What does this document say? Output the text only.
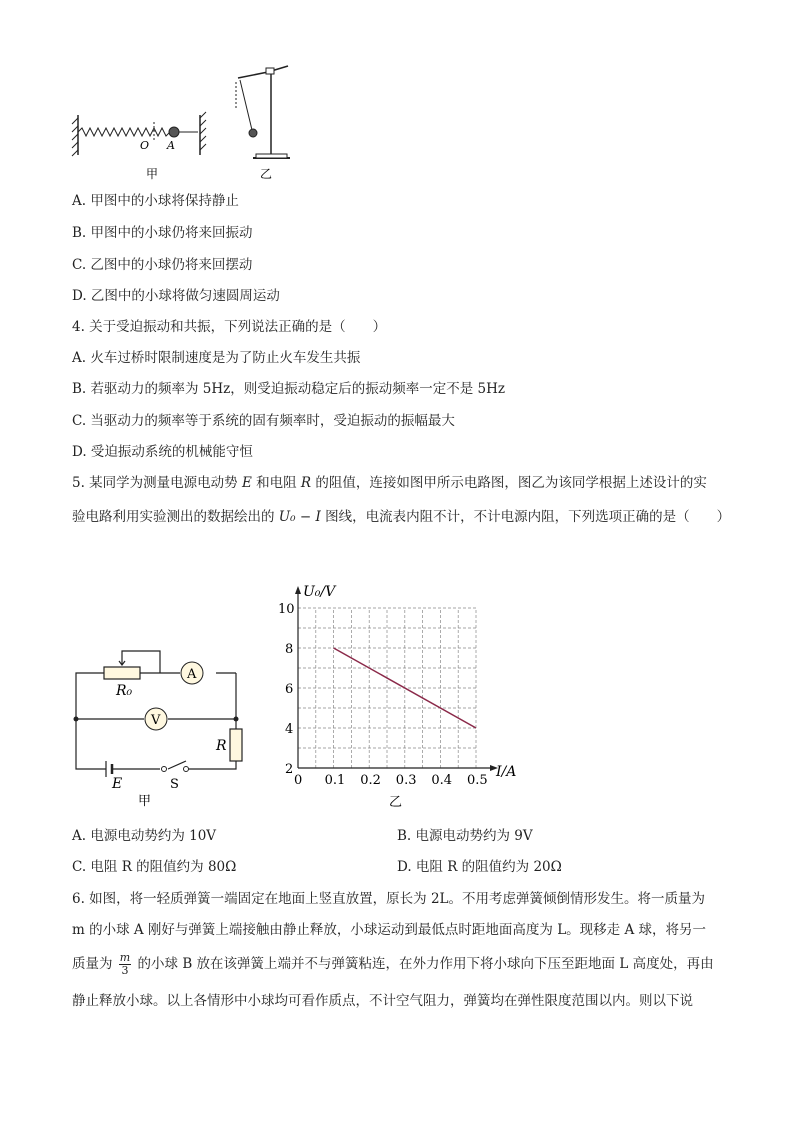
O A
甲	乙
A. 甲图中的小球将保持静止
B. 甲图中的小球仍将来回振动
C. 乙图中的小球仍将来回摆动
D. 乙图中的小球将做匀速圆周运动
4. 关于受迫振动和共振，下列说法正确的是（　　）
A. 火车过桥时限制速度是为了防止火车发生共振
B. 若驱动力的频率为 5Hz，则受迫振动稳定后的振动频率一定不是 5Hz
C. 当驱动力的频率等于系统的固有频率时，受迫振动的振幅最大
D. 受迫振动系统的机械能守恒
5. 某同学为测量电源电动势 E 和电阻 R 的阻值，连接如图甲所示电路图，图乙为该同学根据上述设计的实
验电路利用实验测出的数据绘出的 U₀ − I 图线，电流表内阻不计，不计电源内阻，下列选项正确的是（　　）
A
V
R₀
R
E	S
甲
0 0.1 0.2 0.3 0.4 0.5
2
4
6
8
10
U₀/V
I/A
乙
A. 电源电动势约为 10V	B. 电源电动势约为 9V
C. 电阻 R 的阻值约为 80Ω	D. 电阻 R 的阻值约为 20Ω
6. 如图，将一轻质弹簧一端固定在地面上竖直放置，原长为 2L。不用考虑弹簧倾倒情形发生。将一质量为
m 的小球 A 刚好与弹簧上端接触由静止释放，小球运动到最低点时距地面高度为 L。现移走 A 球，将另一
质量为 $\frac{m}{3}$ 的小球 B 放在该弹簧上端并不与弹簧粘连，在外力作用下将小球向下压至距地面 L 高度处，再由
静止释放小球。以上各情形中小球均可看作质点，不计空气阻力，弹簧均在弹性限度范围以内。则以下说
